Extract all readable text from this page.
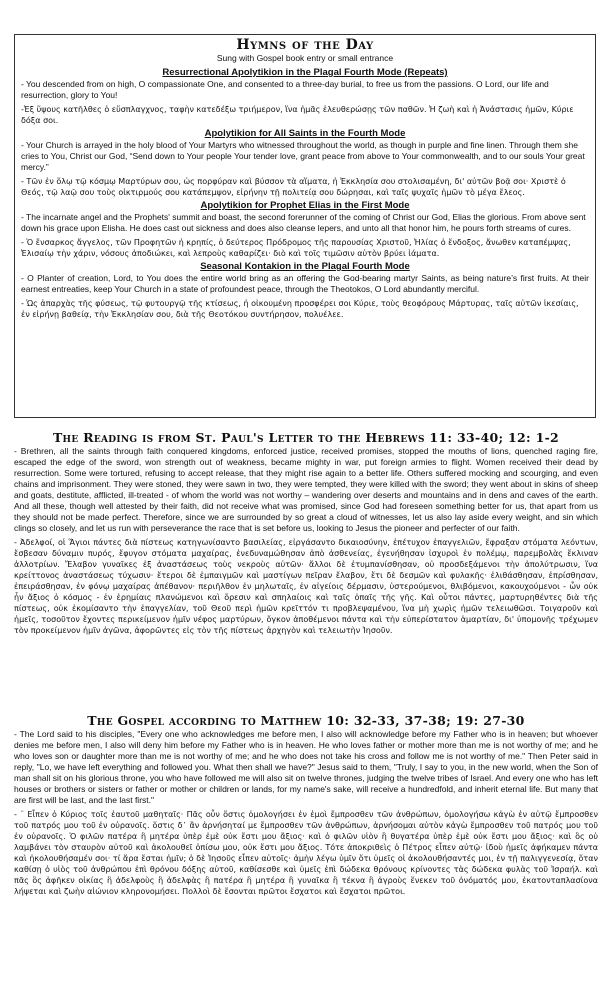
Hymns of the Day
Sung with Gospel book entry or small entrance
Resurrectional Apolytikion in the Plagal Fourth Mode (Repeats)

- You descended from on high, O compassionate One, and consented to a three-day burial, to free us from the passions. O Lord, our life and resurrection, glory to You!

-Ἐξ ὕψους κατῆλθες ὁ εὔσπλαγχνος, ταφὴν κατεδέξω τριήμερον, ἵνα ἡμᾶς ἐλευθερώσῃς τῶν παθῶν. Ἡ ζωὴ καὶ ἡ Ἀνάστασις ἡμῶν, Κύριε δόξα σοι.

Apolytikion for All Saints in the Fourth Mode

- Your Church is arrayed in the holy blood of Your Martyrs who witnessed throughout the world, as though in purple and fine linen. Through them she cries to You, Christ our God, “Send down to Your people Your tender love, grant peace from above to Your commonwealth, and to our souls Your great mercy.”

- Τῶν ἐν ὅλῳ τῷ κόσμῳ Μαρτύρων σου, ὡς πορφύραν καὶ βύσσον τὰ αἵματα, ἡ Ἐκκλησία σου στολισαμένη, δι' αὐτῶν βοᾷ σοι· Χριστὲ ὁ Θεός, τῷ λαῷ σου τοὺς οἰκτιρμούς σου κατάπεμψον, εἰρήνην τῇ πολιτείᾳ σου δώρησαι, καὶ ταῖς ψυχαῖς ἡμῶν τὸ μέγα ἔλεος.

Apolytikion for Prophet Elias in the First Mode

- The incarnate angel and the Prophets' summit and boast, the second forerunner of the coming of Christ our God, Elias the glorious. From above sent down his grace upon Elisha. He does cast out sickness and does also cleanse lepers, and unto all that honor him, he pours forth streams of cures.

- Ὁ ἔνσαρκος ἄγγελος, τῶν Προφητῶν ἡ κρηπίς, ὁ δεύτερος Πρόδρομος τῆς παρουσίας Χριστοῦ, Ἠλίας ὁ ἔνδοξος, ἄνωθεν καταπέμψας, Ἐλισαίῳ τὴν χάριν, νόσους ἀποδιώκει, καὶ λεπροὺς καθαρίζει· διὸ καὶ τοῖς τιμῶσιν αὐτὸν βρύει ἰάματα.

Seasonal Kontakion in the Plagal Fourth Mode

- O Planter of creation, Lord, to You does the entire world bring as an offering the God-bearing martyr Saints, as being nature’s first fruits. At their earnest entreaties, keep Your Church in a state of profoundest peace, through the Theotokos, O Lord abundantly merciful.

- Ὡς ἀπαρχὰς τῆς φύσεως, τῷ φυτουργῷ τῆς κτίσεως, ἡ οἰκουμένη προσφέρει σοι Κύριε, τοὺς θεοφόρους Μάρτυρας, ταῖς αὐτῶν ἱκεσίαις, ἐν εἰρήνῃ βαθείᾳ, τὴν Ἐκκλησίαν σου, διὰ τῆς Θεοτόκου συντήρησον, πολυέλεε.

The Reading is from St. Paul's Letter to the Hebrews 11: 33-40; 12: 1-2

- Brethren, all the saints through faith conquered kingdoms, enforced justice, received promises, stopped the mouths of lions, quenched raging fire, escaped the edge of the sword, won strength out of weakness, became mighty in war, put foreign armies to flight. Women received their dead by resurrection. Some were tortured, refusing to accept release, that they might rise again to a better life. Others suffered mocking and scourging, and even chains and imprisonment. They were stoned, they were sawn in two, they were tempted, they were killed with the sword; they went about in skins of sheep and goats, destitute, afflicted, ill-treated - of whom the world was not worthy – wandering over deserts and mountains and in dens and caves of the earth. And all these, though well attested by their faith, did not receive what was promised, since God had foreseen something better for us, that apart from us they should not be made perfect. Therefore, since we are surrounded by so great a cloud of witnesses, let us also lay aside every weight, and sin which clings so closely, and let us run with perseverance the race that is set before us, looking to Jesus the pioneer and perfecter of our faith.

- Ἀδελφοί, οἱ Ἅγιοι πάντες διὰ πίστεως κατηγωνίσαντο βασιλείας, εἰργάσαντο δικαιοσύνην, ἐπέτυχον ἐπαγγελιῶν, ἔφραξαν στόματα λεόντων, ἔσβεσαν δύναμιν πυρός, ἔφυγον στόματα μαχαίρας, ἐνεδυναμώθησαν ἀπὸ ἀσθενείας, ἐγενήθησαν ἰσχυροὶ ἐν πολέμῳ, παρεμβολὰς ἔκλιναν ἀλλοτρίων. Ἔλαβον γυναῖκες ἐξ ἀναστάσεως τοὺς νεκροὺς αὐτῶν· ἄλλοι δὲ ἐτυμπανίσθησαν, οὐ προσδεξάμενοι τὴν ἀπολύτρωσιν, ἵνα κρείττονος ἀναστάσεως τύχωσιν· ἕτεροι δὲ ἐμπαιγμῶν καὶ μαστίγων πεῖραν ἔλαβον, ἔτι δὲ δεσμῶν καὶ φυλακῆς· ἐλιθάσθησαν, ἐπρίσθησαν, ἐπειράσθησαν, ἐν φόνῳ μαχαίρας ἀπέθανον· περιῆλθον ἐν μηλωταῖς, ἐν αἰγείοις δέρμασιν, ὑστερούμενοι, θλιβόμενοι, κακουχούμενοι - ὧν οὐκ ἦν ἄξιος ὁ κόσμος - ἐν ἐρημίαις πλανώμενοι καὶ ὄρεσιν καὶ σπηλαίοις καὶ ταῖς ὀπαῖς τῆς γῆς. Καὶ οὗτοι πάντες, μαρτυρηθέντες διὰ τῆς πίστεως, οὐκ ἐκομίσαντο τὴν ἐπαγγελίαν, τοῦ Θεοῦ περὶ ἡμῶν κρεῖττόν τι προβλεψαμένου, ἵνα μὴ χωρὶς ἡμῶν τελειωθῶσι. Τοιγαροῦν καὶ ἡμεῖς, τοσοῦτον ἔχοντες περικείμενον ἡμῖν νέφος μαρτύρων, ὄγκον ἀποθέμενοι πάντα καὶ τὴν εὐπερίστατον ἁμαρτίαν, δι' ὑπομονῆς τρέχωμεν τὸν προκείμενον ἡμῖν ἀγῶνα, ἀφορῶντες εἰς τὸν τῆς πίστεως ἀρχηγὸν καὶ τελειωτὴν Ἰησοῦν.

The Gospel according to Matthew 10: 32-33, 37-38; 19: 27-30

- The Lord said to his disciples, "Every one who acknowledges me before men, I also will acknowledge before my Father who is in heaven; but whoever denies me before men, I also will deny him before my Father who is in heaven. He who loves father or mother more than me is not worthy of me; and he who loves son or daughter more than me is not worthy of me; and he who does not take his cross and follow me is not worthy of me." Then Peter said in reply, "Lo, we have left everything and followed you. What then shall we have?" Jesus said to them, "Truly, I say to you, in the new world, when the Son of man shall sit on his glorious throne, you who have followed me will also sit on twelve thrones, judging the twelve tribes of Israel. And every one who has left houses or brothers or sisters or father or mother or children or lands, for my name's sake, will receive a hundredfold, and inherit eternal life. But many that are first will be last, and the last first."

- ¨ Εἶπεν ὁ Κύριος τοῖς ἑαυτοῦ μαθηταῖς· Πᾶς οὖν ὅστις ὁμολογήσει ἐν ἐμοὶ ἔμπροσθεν τῶν ἀνθρώπων, ὁμολογήσω κἀγὼ ἐν αὐτῷ ἔμπροσθεν τοῦ πατρός μου τοῦ ἐν οὐρανοῖς. ὅστις δ᾿ ἂν ἀρνήσηταί με ἔμπροσθεν τῶν ἀνθρώπων, ἀρνήσομαι αὐτὸν κἀγὼ ἔμπροσθεν τοῦ πατρός μου τοῦ ἐν οὐρανοῖς. Ὁ φιλῶν πατέρα ἢ μητέρα ὑπὲρ ἐμὲ οὐκ ἔστι μου ἄξιος· καὶ ὁ φιλῶν υἱὸν ἢ θυγατέρα ὑπὲρ ἐμὲ οὐκ ἔστι μου ἄξιος· καὶ ὃς οὐ λαμβάνει τὸν σταυρὸν αὐτοῦ καὶ ἀκολουθεῖ ὀπίσω μου, οὐκ ἔστι μου ἄξιος. Τότε ἀποκριθεὶς ὁ Πέτρος εἶπεν αὐτῷ· ἰδοὺ ἡμεῖς ἀφήκαμεν πάντα καὶ ἠκολουθήσαμέν σοι· τί ἄρα ἔσται ἡμῖν; ὁ δὲ Ἰησοῦς εἶπεν αὐτοῖς· ἀμὴν λέγω ὑμῖν ὅτι ὑμεῖς οἱ ἀκολουθήσαντές μοι, ἐν τῇ παλιγγενεσίᾳ, ὅταν καθίσῃ ὁ υἱὸς τοῦ ἀνθρώπου ἐπὶ θρόνου δόξης αὐτοῦ, καθίσεσθε καὶ ὑμεῖς ἐπὶ δώδεκα θρόνους κρίνοντες τὰς δώδεκα φυλὰς τοῦ Ἰσραήλ. καὶ πᾶς ὃς ἀφῆκεν οἰκίας ἢ ἀδελφοὺς ἢ ἀδελφὰς ἢ πατέρα ἢ μητέρα ἢ γυναῖκα ἢ τέκνα ἢ ἀγροὺς ἕνεκεν τοῦ ὀνόματός μου, ἑκατονταπλασίονα λήψεται καὶ ζωὴν αἰώνιον κληρονομήσει. Πολλοὶ δὲ ἔσονται πρῶτοι ἔσχατοι καὶ ἔσχατοι πρῶτοι.
